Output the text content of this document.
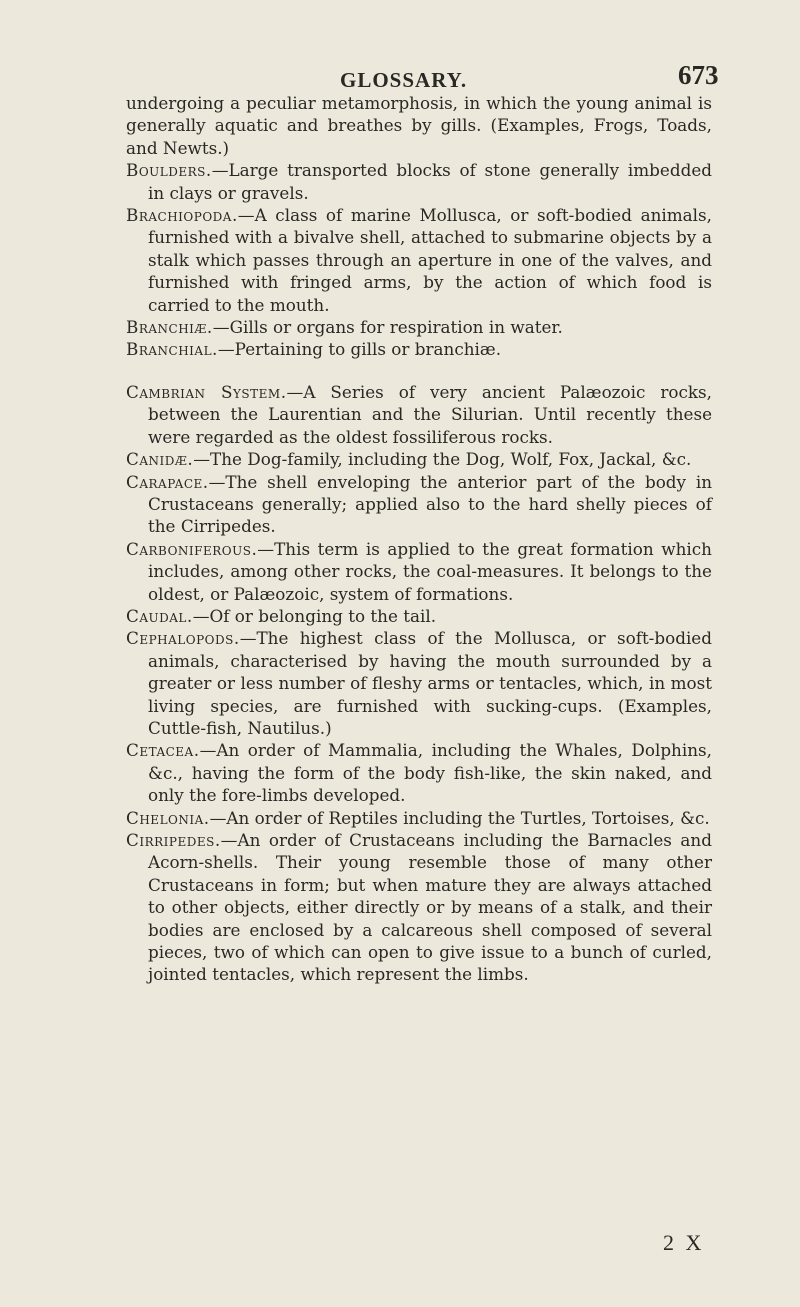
GLOSSARY.	673

undergoing a peculiar metamorphosis, in which the young animal is generally aquatic and breathes by gills. (Examples, Frogs, Toads, and Newts.)

Boulders.—Large transported blocks of stone generally imbedded in clays or gravels.

Brachiopoda.—A class of marine Mollusca, or soft-bodied animals, furnished with a bivalve shell, attached to submarine objects by a stalk which passes through an aperture in one of the valves, and furnished with fringed arms, by the action of which food is carried to the mouth.

Branchiæ.—Gills or organs for respiration in water.

Branchial.—Pertaining to gills or branchiæ.

Cambrian System.—A Series of very ancient Palæozoic rocks, between the Laurentian and the Silurian. Until recently these were regarded as the oldest fossiliferous rocks.

Canidæ.—The Dog-family, including the Dog, Wolf, Fox, Jackal, &c.

Carapace.—The shell enveloping the anterior part of the body in Crustaceans generally; applied also to the hard shelly pieces of the Cirripedes.

Carboniferous.—This term is applied to the great formation which includes, among other rocks, the coal-measures. It belongs to the oldest, or Palæozoic, system of formations.

Caudal.—Of or belonging to the tail.

Cephalopods.—The highest class of the Mollusca, or soft-bodied animals, characterised by having the mouth surrounded by a greater or less number of fleshy arms or tentacles, which, in most living species, are furnished with sucking-cups. (Examples, Cuttle-fish, Nautilus.)

Cetacea.—An order of Mammalia, including the Whales, Dolphins, &c., having the form of the body fish-like, the skin naked, and only the fore-limbs developed.

Chelonia.—An order of Reptiles including the Turtles, Tortoises, &c.

Cirripedes.—An order of Crustaceans including the Barnacles and Acorn-shells. Their young resemble those of many other Crustaceans in form; but when mature they are always attached to other objects, either directly or by means of a stalk, and their bodies are enclosed by a calcareous shell composed of several pieces, two of which can open to give issue to a bunch of curled, jointed tentacles, which represent the limbs.

2 X
